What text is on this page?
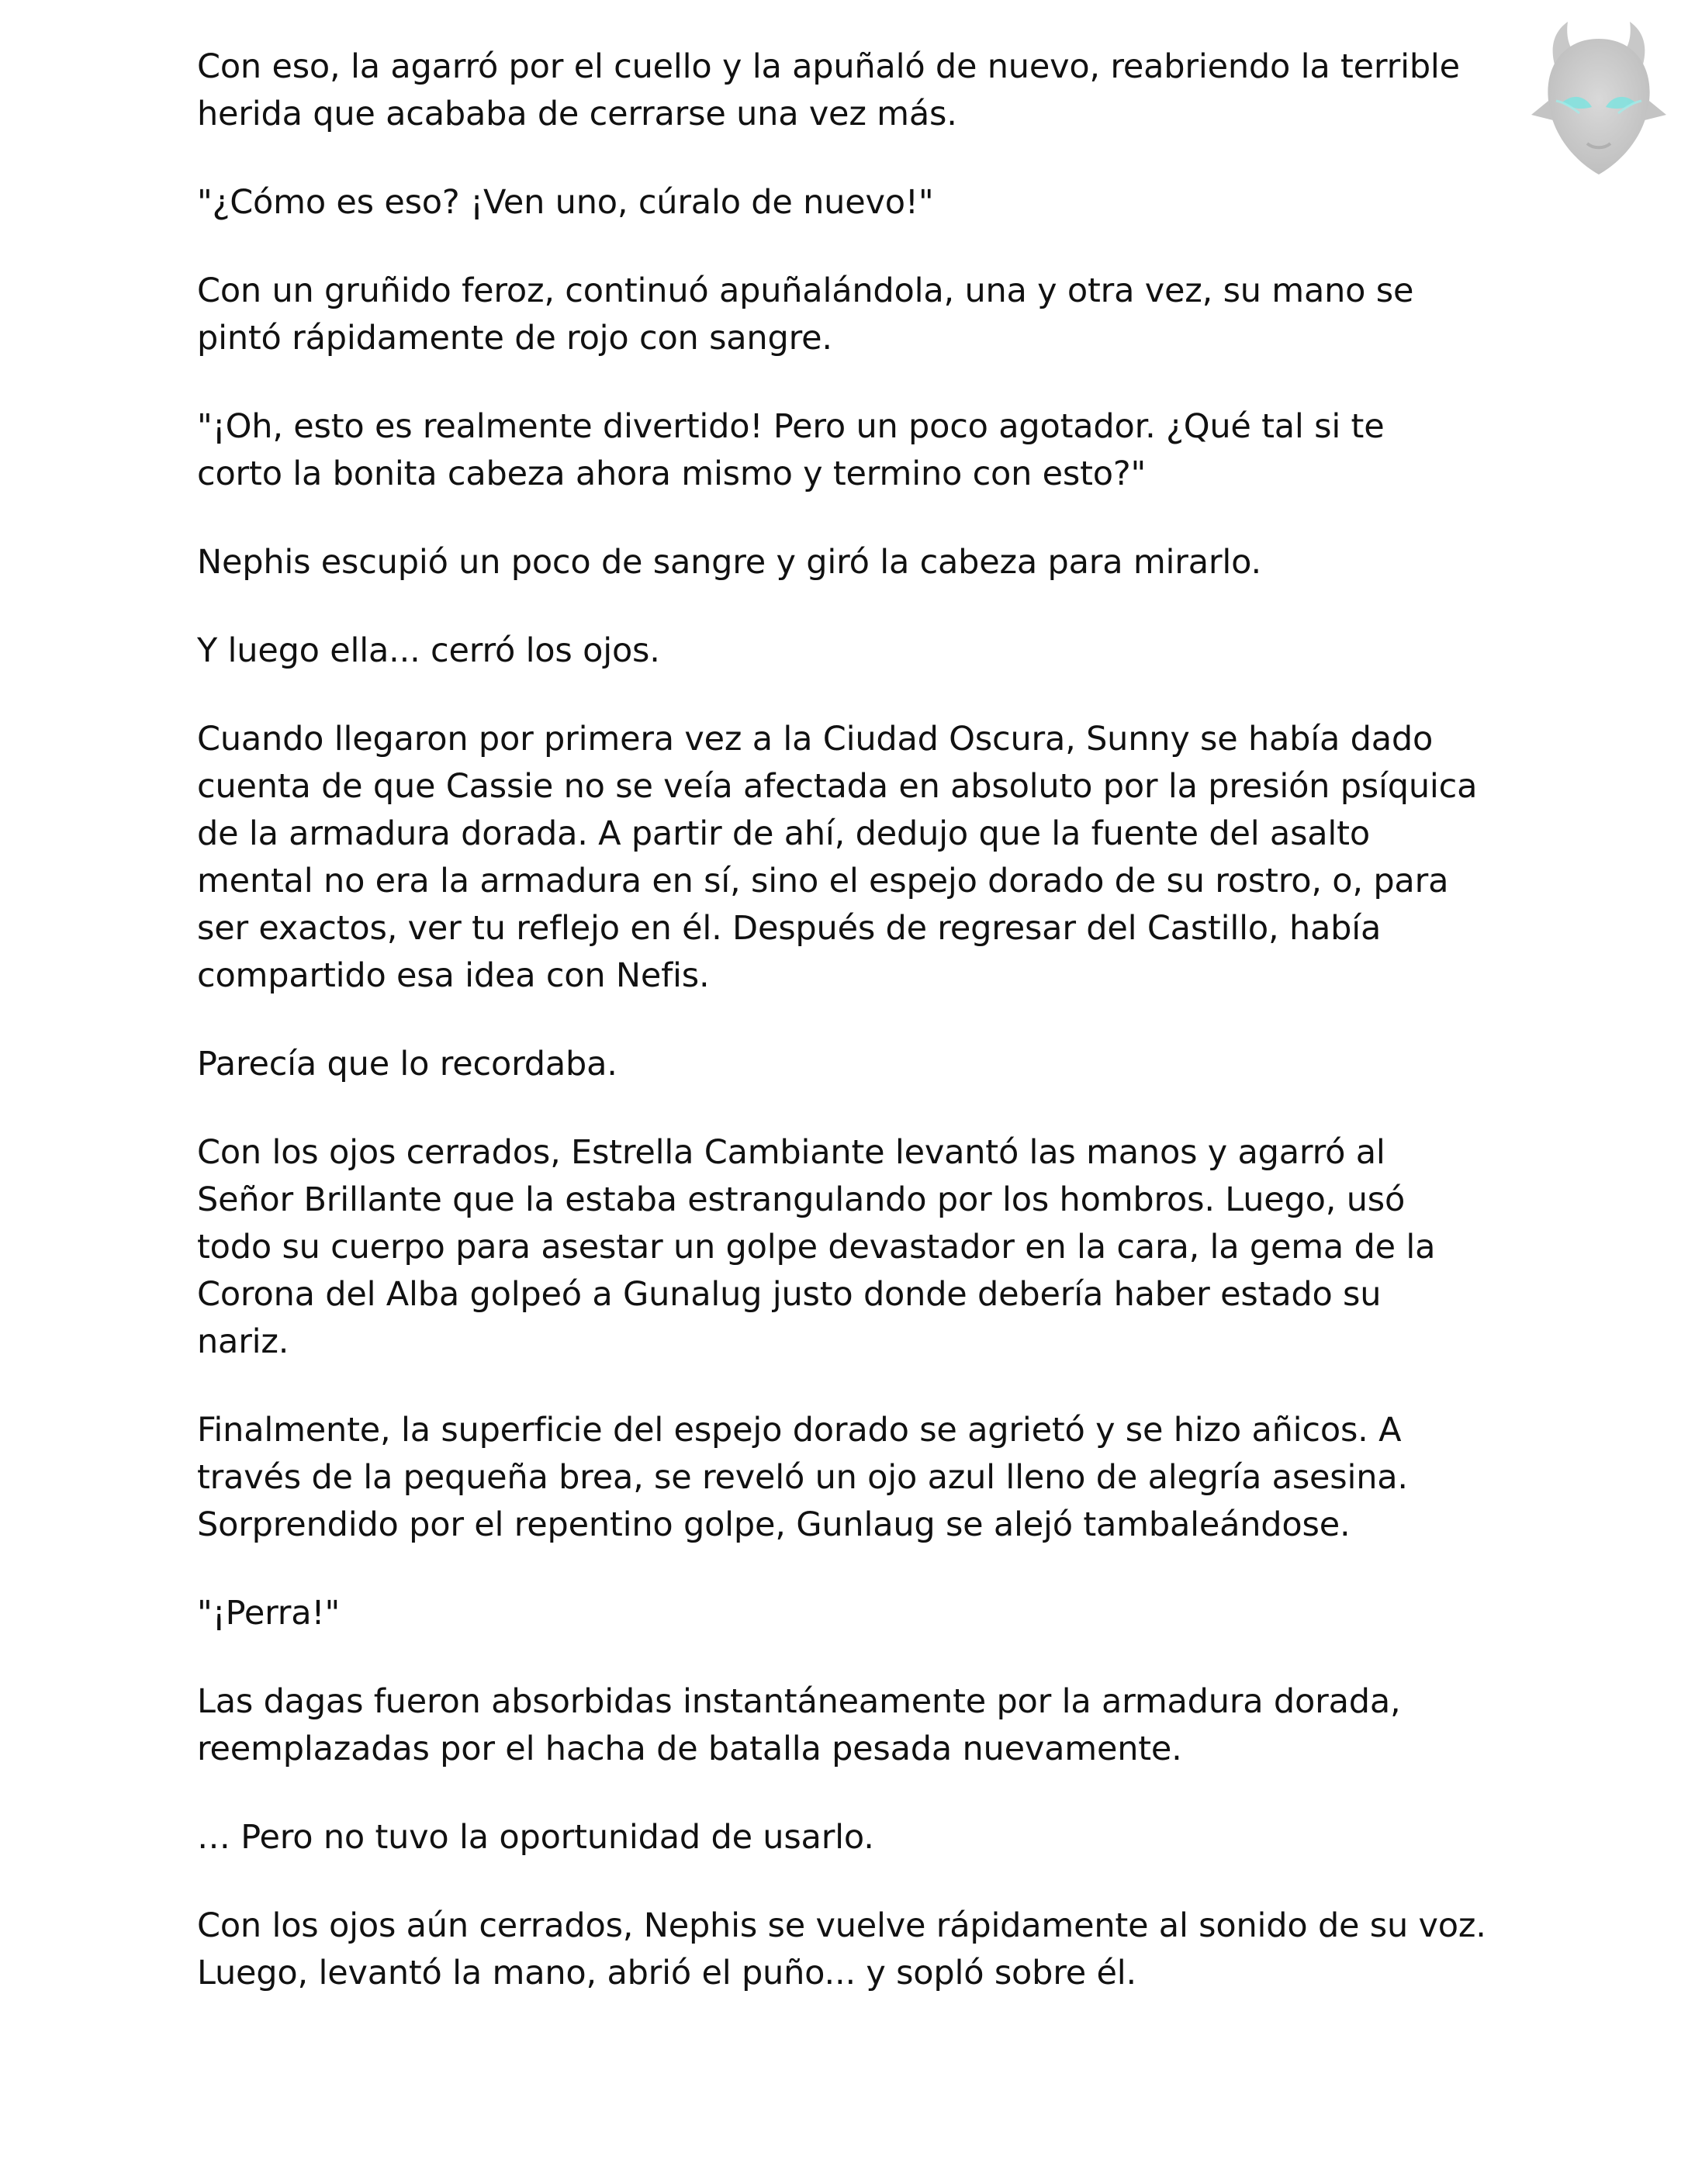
Con eso, la agarró por el cuello y la apuñaló de nuevo, reabriendo la terrible
herida que acababa de cerrarse una vez más.

"¿Cómo es eso? ¡Ven uno, cúralo de nuevo!"

Con un gruñido feroz, continuó apuñalándola, una y otra vez, su mano se
pintó rápidamente de rojo con sangre.

"¡Oh, esto es realmente divertido! Pero un poco agotador. ¿Qué tal si te
corto la bonita cabeza ahora mismo y termino con esto?"

Nephis escupió un poco de sangre y giró la cabeza para mirarlo.

Y luego ella... cerró los ojos.

Cuando llegaron por primera vez a la Ciudad Oscura, Sunny se había dado
cuenta de que Cassie no se veía afectada en absoluto por la presión psíquica
de la armadura dorada. A partir de ahí, dedujo que la fuente del asalto
mental no era la armadura en sí, sino el espejo dorado de su rostro, o, para
ser exactos, ver tu reflejo en él. Después de regresar del Castillo, había
compartido esa idea con Nefis.

Parecía que lo recordaba.

Con los ojos cerrados, Estrella Cambiante levantó las manos y agarró al
Señor Brillante que la estaba estrangulando por los hombros. Luego, usó
todo su cuerpo para asestar un golpe devastador en la cara, la gema de la
Corona del Alba golpeó a Gunalug justo donde debería haber estado su
nariz.

Finalmente, la superficie del espejo dorado se agrietó y se hizo añicos. A
través de la pequeña brea, se reveló un ojo azul lleno de alegría asesina.
Sorprendido por el repentino golpe, Gunlaug se alejó tambaleándose.

"¡Perra!"

Las dagas fueron absorbidas instantáneamente por la armadura dorada,
reemplazadas por el hacha de batalla pesada nuevamente.

… Pero no tuvo la oportunidad de usarlo.

Con los ojos aún cerrados, Nephis se vuelve rápidamente al sonido de su voz.
Luego, levantó la mano, abrió el puño... y sopló sobre él.
